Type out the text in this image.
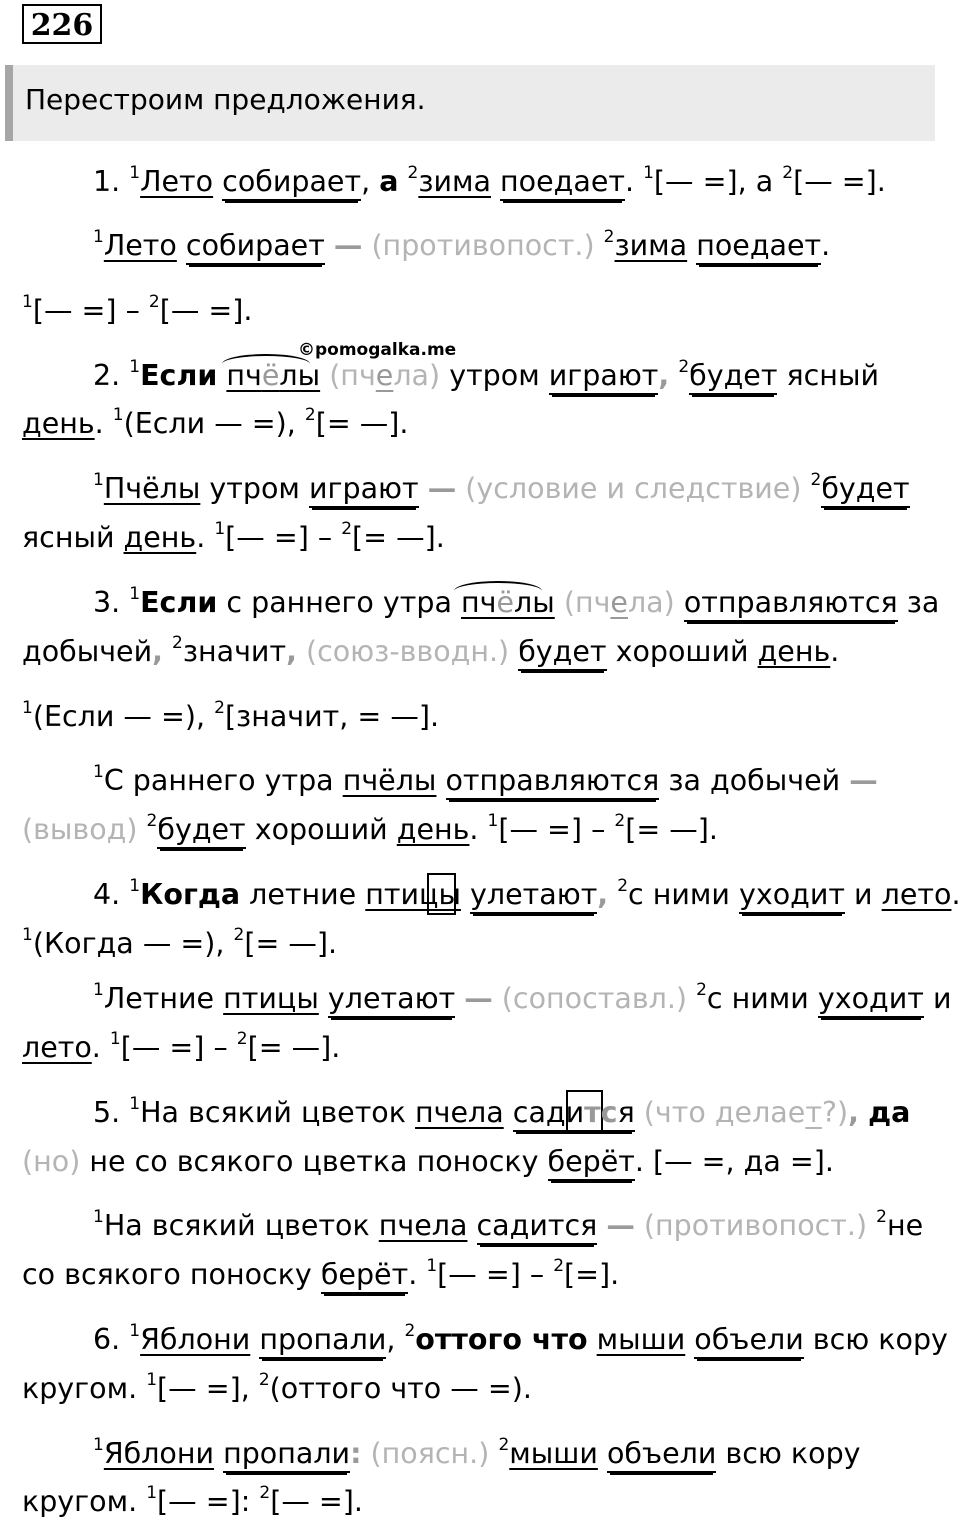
226
Перестроим предложения.
©pomogalka.me
1. $^1$Лето собирает, а $^2$зима поедает. $^1$[— =], а $^2$[— =].
$^1$Лето собирает — (противопост.) $^2$зима поедает.
$^1$[— =] – $^2$[— =].
2. $^1$Если пчёлы (пчела) утром играют, $^2$будет ясный
день. $^1$(Если — =), $^2$[= —].
$^1$Пчёлы утром играют — (условие и следствие) $^2$будет
ясный день. $^1$[— =] – $^2$[= —].
3. $^1$Если с раннего утра пчёлы (пчела) отправляются за
добычей, $^2$значит, (союз-вводн.) будет хороший день.
$^1$(Если — =), $^2$[значит, = —].
$^1$С раннего утра пчёлы отправляются за добычей —
(вывод) $^2$будет хороший день. $^1$[— =] – $^2$[= —].
4. $^1$Когда летние птицы улетают, $^2$с ними уходит и лето.
$^1$(Когда — =), $^2$[= —].
$^1$Летние птицы улетают — (сопоставл.) $^2$с ними уходит и
лето. $^1$[— =] – $^2$[= —].
5. $^1$На всякий цветок пчела садится (что делает?), да
(но) не со всякого цветка поноску берёт. [— =, да =].
$^1$На всякий цветок пчела садится — (противопост.) $^2$не
со всякого поноску берёт. $^1$[— =] – $^2$[=].
6. $^1$Яблони пропали, $^2$оттого что мыши объели всю кору
кругом. $^1$[— =], $^2$(оттого что — =).
$^1$Яблони пропали: (поясн.) $^2$мыши объели всю кору
кругом. $^1$[— =]: $^2$[— =].
